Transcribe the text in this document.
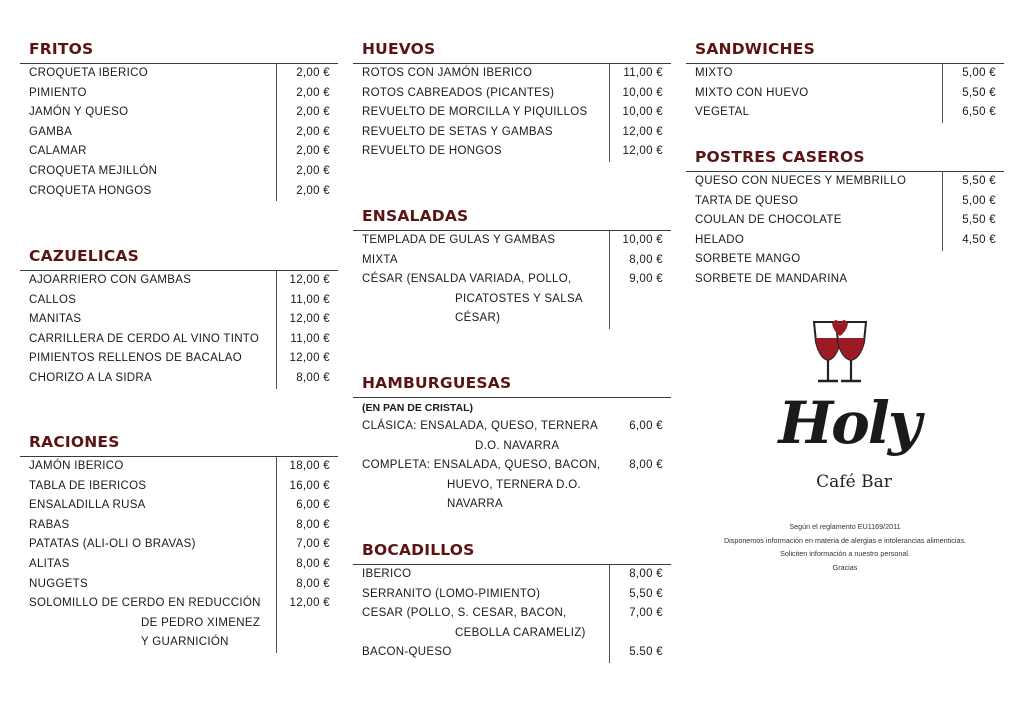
FRITOS
CROQUETA IBERICO	2,00 €
PIMIENTO	2,00 €
JAMÓN Y QUESO	2,00 €
GAMBA	2,00 €
CALAMAR	2,00 €
CROQUETA MEJILLÓN	2,00 €
CROQUETA HONGOS	2,00 €
CAZUELICAS
AJOARRIERO CON GAMBAS	12,00 €
CALLOS	11,00 €
MANITAS	12,00 €
CARRILLERA DE CERDO AL VINO TINTO	11,00 €
PIMIENTOS RELLENOS DE BACALAO	12,00 €
CHORIZO A LA SIDRA	8,00 €
RACIONES
JAMÓN IBERICO	18,00 €
TABLA DE IBERICOS	16,00 €
ENSALADILLA RUSA	6,00 €
RABAS	8,00 €
PATATAS (ALI-OLI O BRAVAS)	7,00 €
ALITAS	8,00 €
NUGGETS	8,00 €
SOLOMILLO DE CERDO EN REDUCCIÓN	12,00 €
DE PEDRO XIMENEZ
Y GUARNICIÓN
HUEVOS
ROTOS CON JAMÓN IBERICO	11,00 €
ROTOS CABREADOS (PICANTES)	10,00 €
REVUELTO DE MORCILLA Y PIQUILLOS	10,00 €
REVUELTO DE SETAS Y GAMBAS	12,00 €
REVUELTO DE HONGOS	12,00 €
ENSALADAS
TEMPLADA DE GULAS Y GAMBAS	10,00 €
MIXTA	8,00 €
CÉSAR (ENSALDA VARIADA, POLLO,	9,00 €
PICATOSTES Y SALSA
CÉSAR)
HAMBURGUESAS
(EN PAN DE CRISTAL)
CLÁSICA: ENSALADA, QUESO, TERNERA	6,00 €
D.O. NAVARRA
COMPLETA: ENSALADA, QUESO, BACON,	8,00 €
HUEVO, TERNERA D.O.
NAVARRA
BOCADILLOS
IBERICO	8,00 €
SERRANITO (LOMO-PIMIENTO)	5,50 €
CESAR (POLLO, S. CESAR, BACON,	7,00 €
CEBOLLA CARAMELIZ)
BACON-QUESO	5.50 €
SANDWICHES
MIXTO	5,00 €
MIXTO CON HUEVO	5,50 €
VEGETAL	6,50 €
POSTRES CASEROS
QUESO CON NUECES Y MEMBRILLO	5,50 €
TARTA DE QUESO	5,00 €
COULAN DE CHOCOLATE	5,50 €
HELADO	4,50 €
SORBETE MANGO
SORBETE DE MANDARINA
Holy
Café Bar
Según el reglamento EU1169/2011
Disponemos información en materia de alergias e intolerancias alimenticias.
Soliciten información a nuestro personal.
Gracias
